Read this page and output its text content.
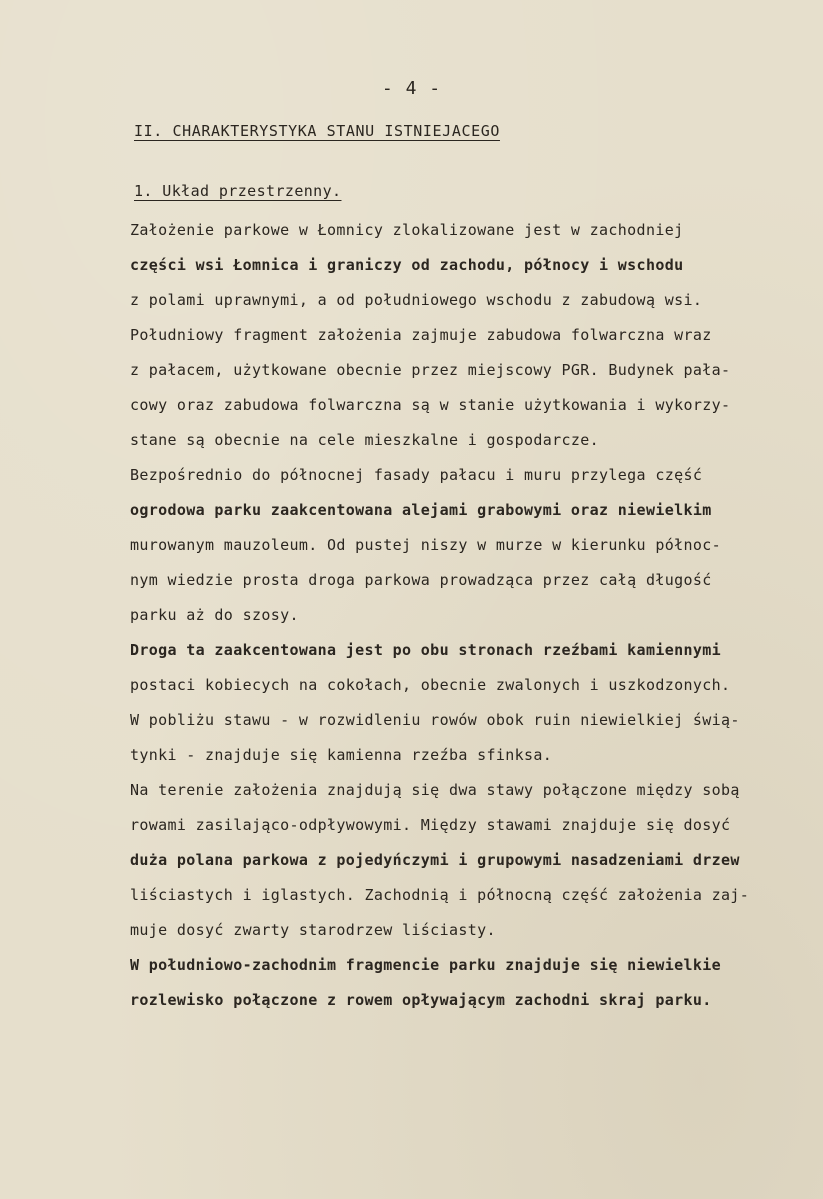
- 4 -
II. CHARAKTERYSTYKA STANU ISTNIEJACEGO
1. Układ przestrzenny.
Założenie parkowe w Łomnicy zlokalizowane jest w zachodniej
części wsi Łomnica i graniczy od zachodu, północy i wschodu
z polami uprawnymi, a od południowego wschodu z zabudową wsi.
Południowy fragment założenia zajmuje zabudowa folwarczna wraz
z pałacem, użytkowane obecnie przez miejscowy PGR. Budynek pała-
cowy oraz zabudowa folwarczna są w stanie użytkowania i wykorzy-
stane są obecnie na cele mieszkalne i gospodarcze.
Bezpośrednio do północnej fasady pałacu i muru przylega część
ogrodowa parku zaakcentowana alejami grabowymi oraz niewielkim
murowanym mauzoleum. Od pustej niszy w murze w kierunku północ-
nym wiedzie prosta droga parkowa prowadząca przez całą długość
parku aż do szosy.
Droga ta zaakcentowana jest po obu stronach rzeźbami kamiennymi
postaci kobiecych na cokołach, obecnie zwalonych i uszkodzonych.
W pobliżu stawu - w rozwidleniu rowów obok ruin niewielkiej świą-
tynki - znajduje się kamienna rzeźba sfinksa.
Na terenie założenia znajdują się dwa stawy połączone między sobą
rowami zasilająco-odpływowymi. Między stawami znajduje się dosyć
duża polana parkowa z pojedyńczymi i grupowymi nasadzeniami drzew
liściastych i iglastych. Zachodnią i północną część założenia zaj-
muje dosyć zwarty starodrzew liściasty.
W południowo-zachodnim fragmencie parku znajduje się niewielkie
rozlewisko połączone z rowem opływającym zachodni skraj parku.
